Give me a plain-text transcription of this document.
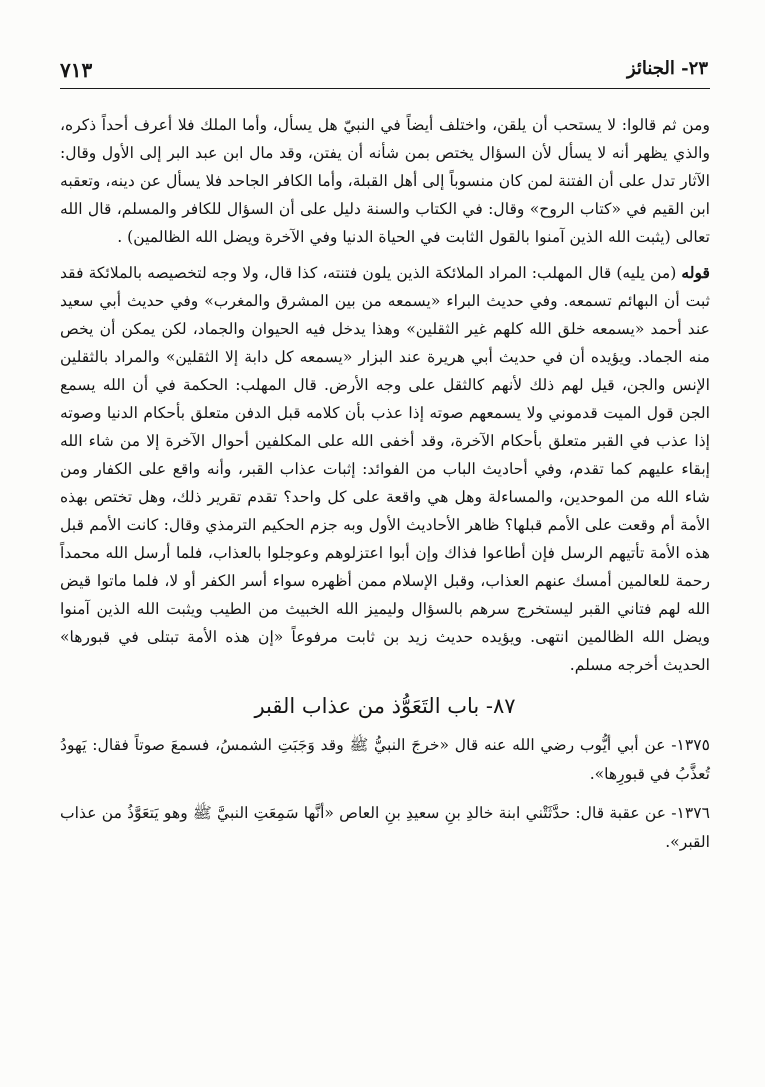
٢٣- الجنائز
٧١٣

ومن ثم قالوا: لا يستحب أن يلقن، واختلف أيضاً في النبيّ هل يسأل، وأما الملك فلا أعرف أحداً ذكره، والذي يظهر أنه لا يسأل لأن السؤال يختص بمن شأنه أن يفتن، وقد مال ابن عبد البر إلى الأول وقال: الآثار تدل على أن الفتنة لمن كان منسوباً إلى أهل القبلة، وأما الكافر الجاحد فلا يسأل عن دينه، وتعقبه ابن القيم في «كتاب الروح» وقال: في الكتاب والسنة دليل على أن السؤال للكافر والمسلم، قال الله تعالى (يثبت الله الذين آمنوا بالقول الثابت في الحياة الدنيا وفي الآخرة ويضل الله الظالمين) .

قوله (من يليه) قال المهلب: المراد الملائكة الذين يلون فتنته، كذا قال، ولا وجه لتخصيصه بالملائكة فقد ثبت أن البهائم تسمعه. وفي حديث البراء «يسمعه من بين المشرق والمغرب» وفي حديث أبي سعيد عند أحمد «يسمعه خلق الله كلهم غير الثقلين» وهذا يدخل فيه الحيوان والجماد، لكن يمكن أن يخص منه الجماد. ويؤيده أن في حديث أبي هريرة عند البزار «يسمعه كل دابة إلا الثقلين» والمراد بالثقلين الإنس والجن، قيل لهم ذلك لأنهم كالثقل على وجه الأرض. قال المهلب: الحكمة في أن الله يسمع الجن قول الميت قدموني ولا يسمعهم صوته إذا عذب بأن كلامه قبل الدفن متعلق بأحكام الدنيا وصوته إذا عذب في القبر متعلق بأحكام الآخرة، وقد أخفى الله على المكلفين أحوال الآخرة إلا من شاء الله إبقاء عليهم كما تقدم، وفي أحاديث الباب من الفوائد: إثبات عذاب القبر، وأنه واقع على الكفار ومن شاء الله من الموحدين، والمساءلة وهل هي واقعة على كل واحد؟ تقدم تقرير ذلك، وهل تختص بهذه الأمة أم وقعت على الأمم قبلها؟ ظاهر الأحاديث الأول وبه جزم الحكيم الترمذي وقال: كانت الأمم قبل هذه الأمة تأتيهم الرسل فإن أطاعوا فذاك وإن أبوا اعتزلوهم وعوجلوا بالعذاب، فلما أرسل الله محمداً رحمة للعالمين أمسك عنهم العذاب، وقبل الإسلام ممن أظهره سواء أسر الكفر أو لا، فلما ماتوا قيض الله لهم فتاني القبر ليستخرج سرهم بالسؤال وليميز الله الخبيث من الطيب ويثبت الله الذين آمنوا ويضل الله الظالمين انتهى. ويؤيده حديث زيد بن ثابت مرفوعاً «إن هذه الأمة تبتلى في قبورها» الحديث أخرجه مسلم.

٨٧- باب التَعَوُّذ من عذاب القبر

١٣٧٥- عن أبي أيُّوب رضي الله عنه قال «خرجَ النبيُّ ﷺ وقد وَجَبَتِ الشمسُ، فسمعَ صوتاً فقال: يَهودُ تُعذَّبُ في قبورِها».

١٣٧٦- عن عقبة قال: حدَّثَتْني ابنة خالدِ بنِ سعيدِ بنِ العاص «أنَّها سَمِعَتِ النبيَّ ﷺ وهو يَتعَوَّذُ من عذاب القبر».
